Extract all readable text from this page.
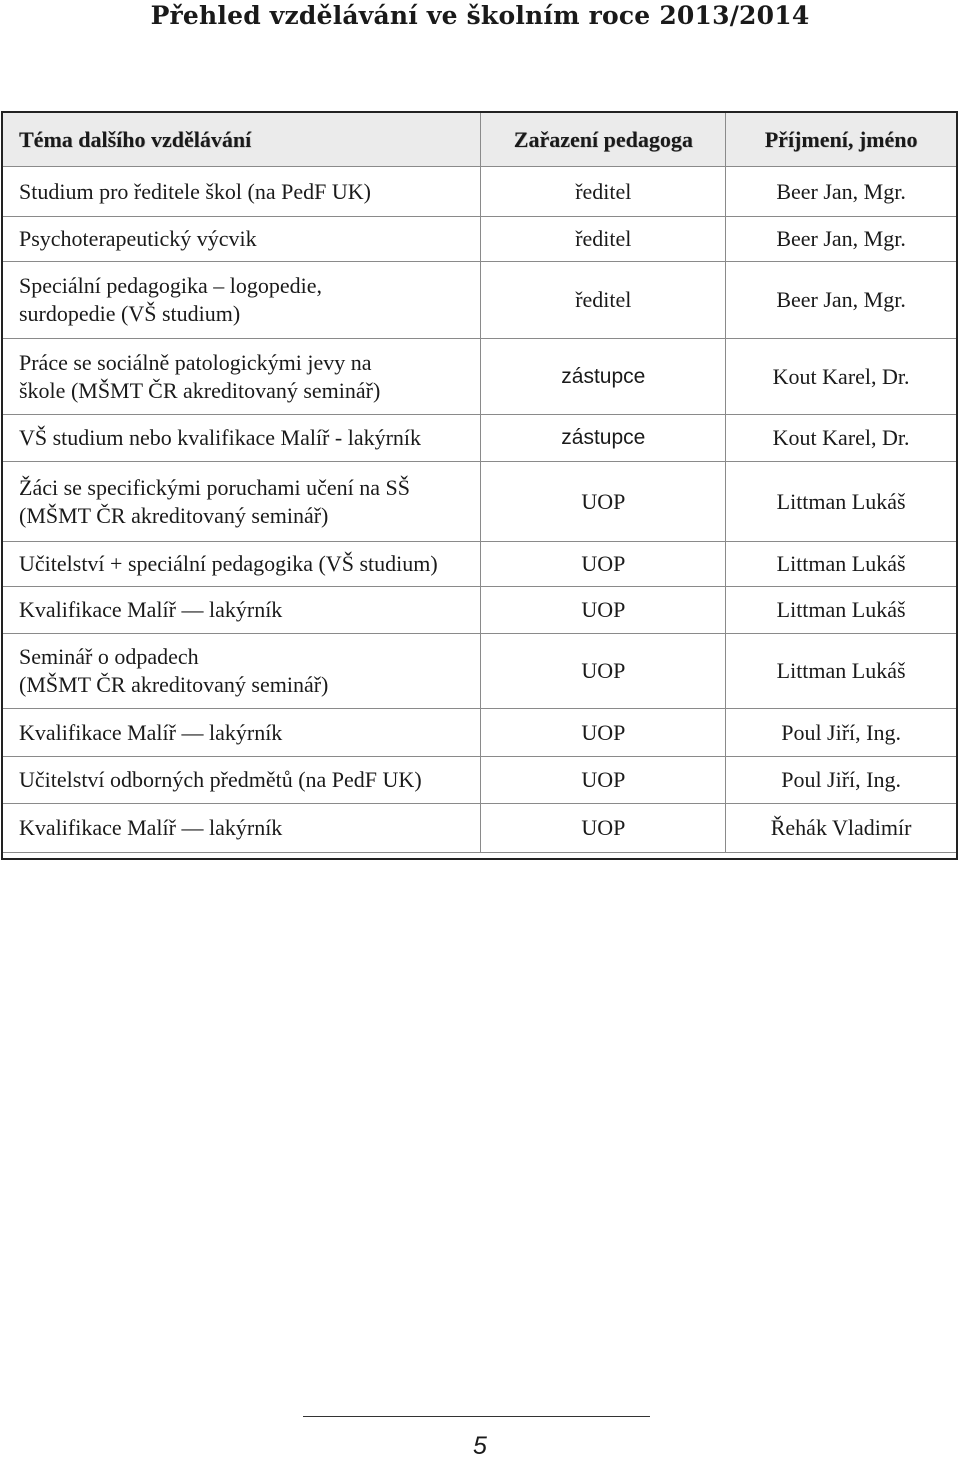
Přehled vzdělávání ve školním roce 2013/2014
Téma dalšího vzdělávání	Zařazení pedagoga	Příjmení, jméno
Studium pro ředitele škol (na PedF UK)	ředitel	Beer Jan, Mgr.
Psychoterapeutický výcvik	ředitel	Beer Jan, Mgr.

Speciální pedagogika – logopedie,
surdopedie (VŠ studium)	ředitel	Beer Jan, Mgr.

Práce se sociálně patologickými jevy na
škole (MŠMT ČR akreditovaný seminář)	zástupce	Kout Karel, Dr.
VŠ studium nebo kvalifikace Malíř - lakýrník	zástupce	Kout Karel, Dr.

Žáci se specifickými poruchami učení na SŠ
(MŠMT ČR akreditovaný seminář)	UOP	Littman Lukáš
Učitelství + speciální pedagogika (VŠ studium)	UOP	Littman Lukáš
Kvalifikace Malíř — lakýrník	UOP	Littman Lukáš

Seminář o odpadech
(MŠMT ČR akreditovaný seminář)	UOP	Littman Lukáš
Kvalifikace Malíř — lakýrník	UOP	Poul Jiří, Ing.
Učitelství odborných předmětů (na PedF UK)	UOP	Poul Jiří, Ing.
Kvalifikace Malíř — lakýrník	UOP	Řehák Vladimír
5
